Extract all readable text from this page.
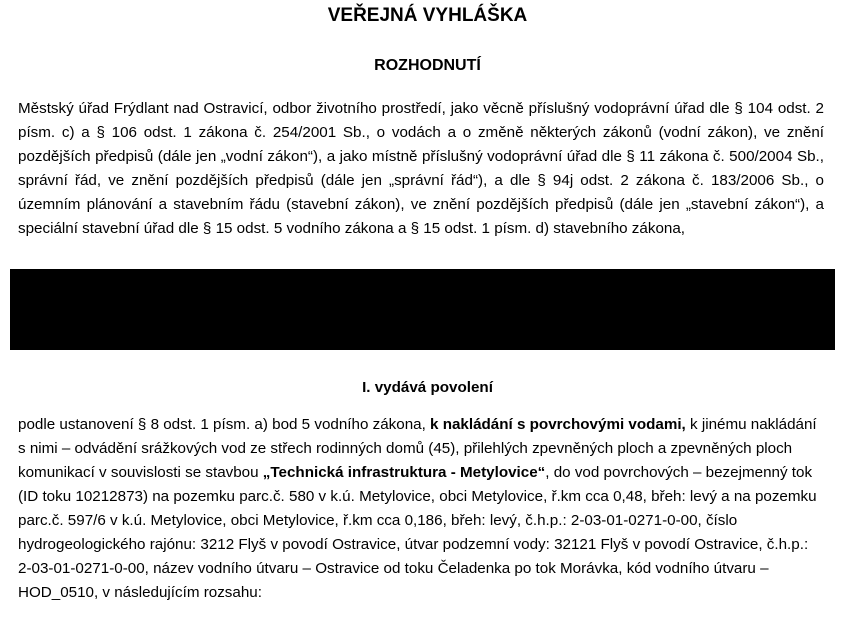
VEŘEJNÁ VYHLÁŠKA
ROZHODNUTÍ
Městský úřad Frýdlant nad Ostravicí, odbor životního prostředí, jako věcně příslušný vodoprávní úřad dle § 104 odst. 2 písm. c) a § 106 odst. 1 zákona č. 254/2001 Sb., o vodách a o změně některých zákonů (vodní zákon), ve znění pozdějších předpisů (dále jen „vodní zákon“), a jako místně příslušný vodoprávní úřad dle § 11 zákona č. 500/2004 Sb., správní řád, ve znění pozdějších předpisů (dále jen „správní řád“), a dle § 94j odst. 2 zákona č. 183/2006 Sb., o územním plánování a stavebním řádu (stavební zákon), ve znění pozdějších předpisů (dále jen „stavební zákon“), a speciální stavební úřad dle § 15 odst. 5 vodního zákona a § 15 odst. 1 písm. d) stavebního zákona,
I. vydává povolení
podle ustanovení § 8 odst. 1 písm. a) bod 5 vodního zákona, k nakládání s povrchovými vodami, k jinému nakládání s nimi – odvádění srážkových vod ze střech rodinných domů (45), přilehlých zpevněných ploch a zpevněných ploch komunikací v souvislosti se stavbou „Technická infrastruktura - Metylovice“, do vod povrchových – bezejmenný tok (ID toku 10212873) na pozemku parc.č. 580 v k.ú. Metylovice, obci Metylovice, ř.km cca 0,48, břeh: levý a na pozemku parc.č. 597/6 v k.ú. Metylovice, obci Metylovice, ř.km cca 0,186, břeh: levý, č.h.p.: 2-03-01-0271-0-00, číslo hydrogeologického rajónu: 3212 Flyš v povodí Ostravice, útvar podzemní vody: 32121 Flyš v povodí Ostravice, č.h.p.: 2-03-01-0271-0-00, název vodního útvaru – Ostravice od toku Čeladenka po tok Morávka, kód vodního útvaru – HOD_0510, v následujícím rozsahu:
